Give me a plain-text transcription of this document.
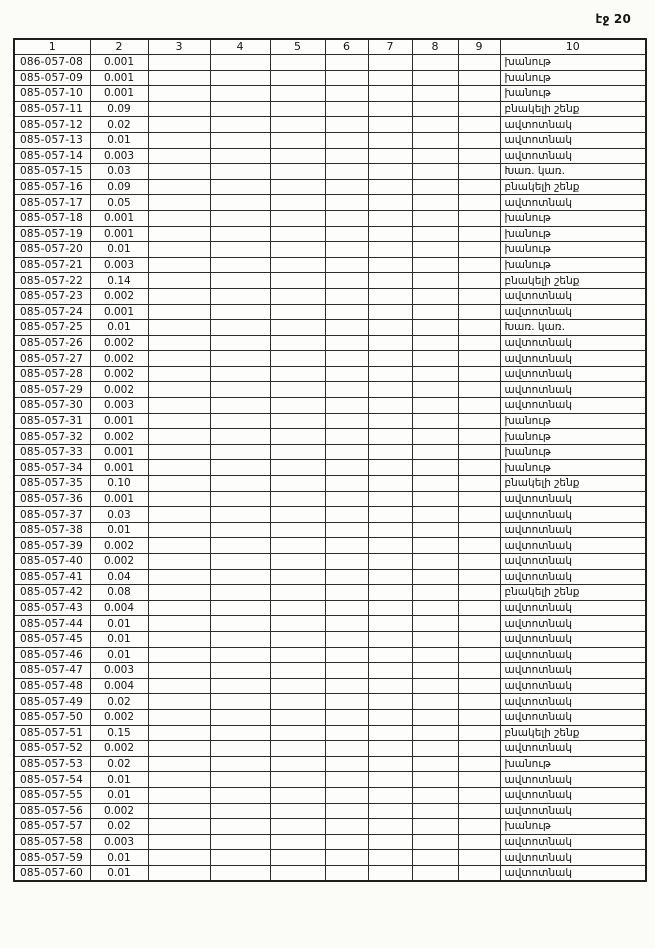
էջ 20
1	2	3	4	5	6	7	8	9	10
086-057-08	0.001								խանութ
085-057-09	0.001								խանութ
085-057-10	0.001								խանութ
085-057-11	0.09								բնակելի շենք
085-057-12	0.02								ավտոտնակ
085-057-13	0.01								ավտոտնակ
085-057-14	0.003								ավտոտնակ
085-057-15	0.03								Խառ. կառ.
085-057-16	0.09								բնակելի շենք
085-057-17	0.05								ավտոտնակ
085-057-18	0.001								խանութ
085-057-19	0.001								խանութ
085-057-20	0.01								խանութ
085-057-21	0.003								խանութ
085-057-22	0.14								բնակելի շենք
085-057-23	0.002								ավտոտնակ
085-057-24	0.001								ավտոտնակ
085-057-25	0.01								Խառ. կառ.
085-057-26	0.002								ավտոտնակ
085-057-27	0.002								ավտոտնակ
085-057-28	0.002								ավտոտնակ
085-057-29	0.002								ավտոտնակ
085-057-30	0.003								ավտոտնակ
085-057-31	0.001								խանութ
085-057-32	0.002								խանութ
085-057-33	0.001								խանութ
085-057-34	0.001								խանութ
085-057-35	0.10								բնակելի շենք
085-057-36	0.001								ավտոտնակ
085-057-37	0.03								ավտոտնակ
085-057-38	0.01								ավտոտնակ
085-057-39	0.002								ավտոտնակ
085-057-40	0.002								ավտոտնակ
085-057-41	0.04								ավտոտնակ
085-057-42	0.08								բնակելի շենք
085-057-43	0.004								ավտոտնակ
085-057-44	0.01								ավտոտնակ
085-057-45	0.01								ավտոտնակ
085-057-46	0.01								ավտոտնակ
085-057-47	0.003								ավտոտնակ
085-057-48	0.004								ավտոտնակ
085-057-49	0.02								ավտոտնակ
085-057-50	0.002								ավտոտնակ
085-057-51	0.15								բնակելի շենք
085-057-52	0.002								ավտոտնակ
085-057-53	0.02								խանութ
085-057-54	0.01								ավտոտնակ
085-057-55	0.01								ավտոտնակ
085-057-56	0.002								ավտոտնակ
085-057-57	0.02								խանութ
085-057-58	0.003								ավտոտնակ
085-057-59	0.01								ավտոտնակ
085-057-60	0.01								ավտոտնակ
